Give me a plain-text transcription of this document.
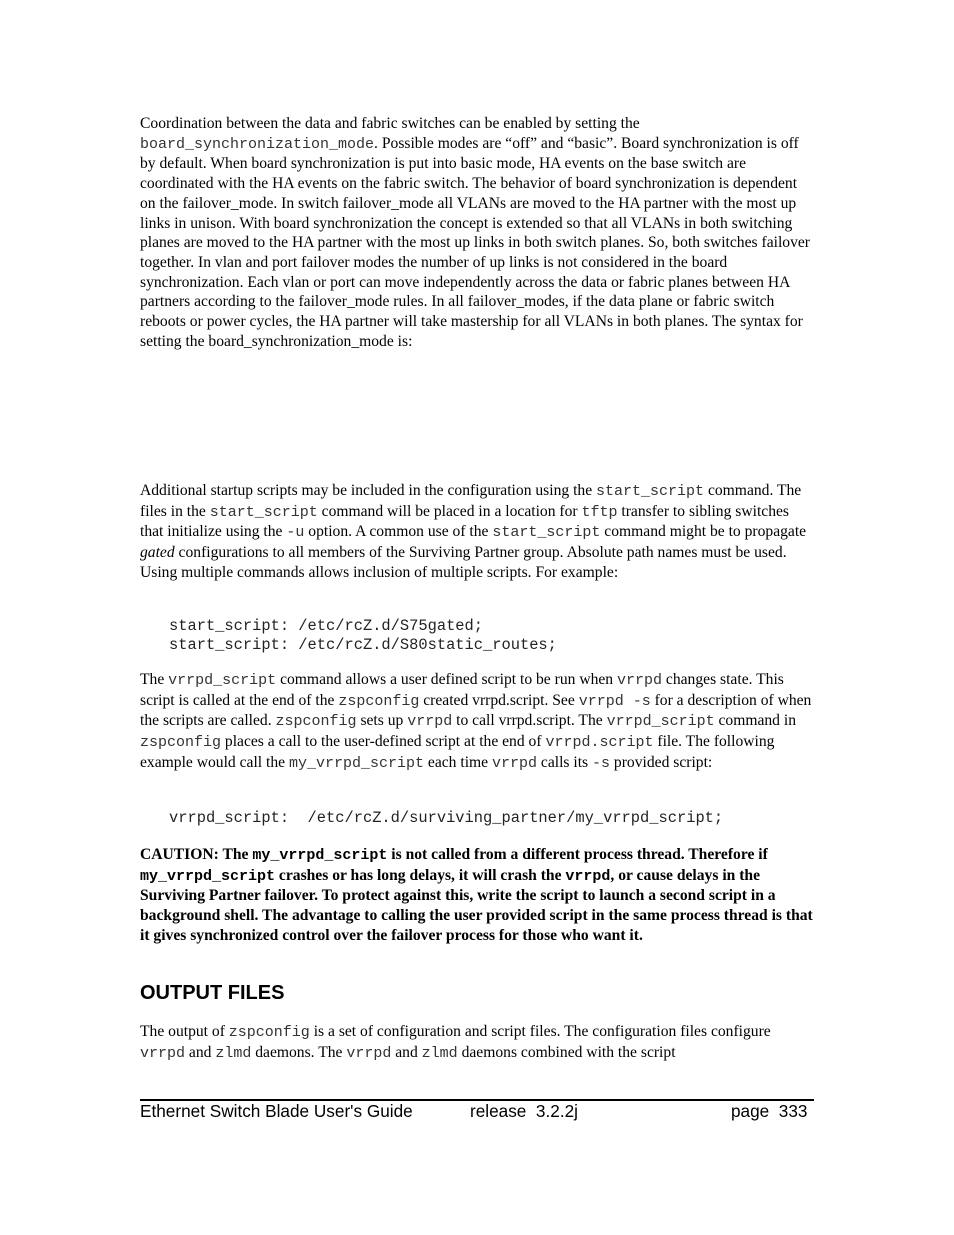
Coordination between the data and fabric switches can be enabled by setting the board_synchronization_mode. Possible modes are “off” and “basic”. Board synchronization is off by default. When board synchronization is put into basic mode, HA events on the base switch are coordinated with the HA events on the fabric switch. The behavior of board synchronization is dependent on the failover_mode. In switch failover_mode all VLANs are moved to the HA partner with the most up links in unison. With board synchronization the concept is extended so that all VLANs in both switching planes are moved to the HA partner with the most up links in both switch planes. So, both switches failover together. In vlan and port failover modes the number of up links is not considered in the board synchronization. Each vlan or port can move independently across the data or fabric planes between HA partners according to the failover_mode rules. In all failover_modes, if the data plane or fabric switch reboots or power cycles, the HA partner will take mastership for all VLANs in both planes. The syntax for setting the board_synchronization_mode is:

Additional startup scripts may be included in the configuration using the start_script command. The files in the start_script command will be placed in a location for tftp transfer to sibling switches that initialize using the -u option. A common use of the start_script command might be to propagate gated configurations to all members of the Surviving Partner group. Absolute path names must be used. Using multiple commands allows inclusion of multiple scripts. For example:

start_script: /etc/rcZ.d/S75gated;
start_script: /etc/rcZ.d/S80static_routes;

The vrrpd_script command allows a user defined script to be run when vrrpd changes state. This script is called at the end of the zspconfig created vrrpd.script. See vrrpd -s for a description of when the scripts are called. zspconfig sets up vrrpd to call vrrpd.script. The vrrpd_script command in zspconfig places a call to the user-defined script at the end of vrrpd.script file. The following example would call the my_vrrpd_script each time vrrpd calls its -s provided script:

vrrpd_script:  /etc/rcZ.d/surviving_partner/my_vrrpd_script;

CAUTION: The my_vrrpd_script is not called from a different process thread. Therefore if my_vrrpd_script crashes or has long delays, it will crash the vrrpd, or cause delays in the Surviving Partner failover. To protect against this, write the script to launch a second script in a background shell. The advantage to calling the user provided script in the same process thread is that it gives synchronized control over the failover process for those who want it.

OUTPUT FILES

The output of zspconfig is a set of configuration and script files. The configuration files configure vrrpd and zlmd daemons. The vrrpd and zlmd daemons combined with the script

Ethernet Switch Blade User's Guide	release  3.2.2j	page  333
